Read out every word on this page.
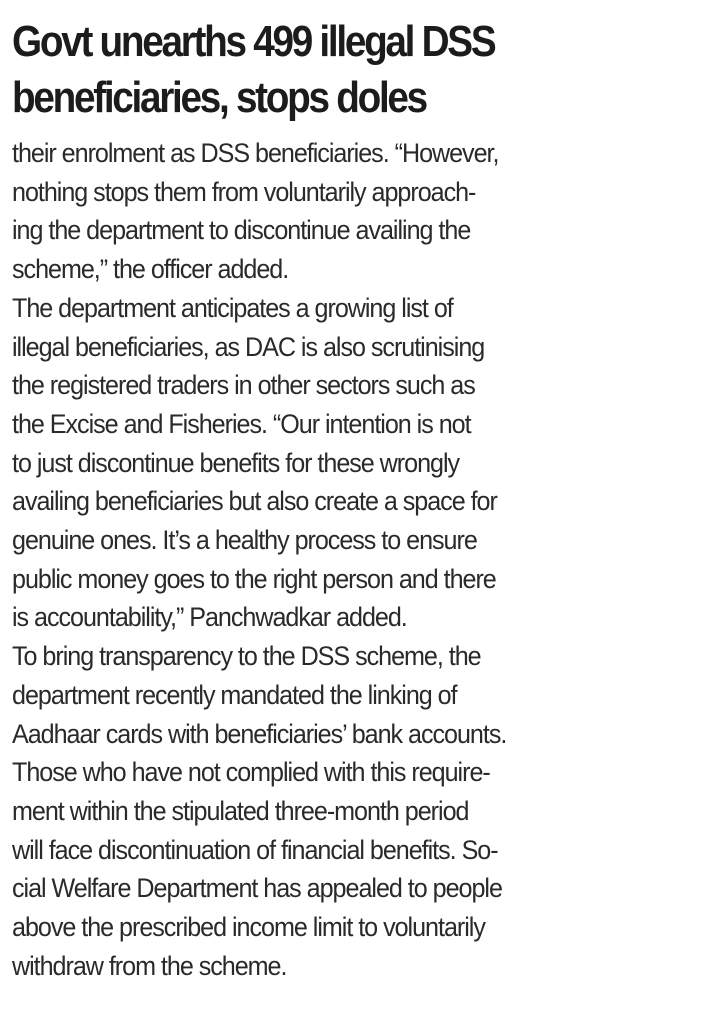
Govt unearths 499 illegal DSS
beneficiaries, stops doles
their enrolment as DSS beneficiaries. “However,
nothing stops them from voluntarily approach-
ing the department to discontinue availing the
scheme,” the officer added.
The department anticipates a growing list of
illegal beneficiaries, as DAC is also scrutinising
the registered traders in other sectors such as
the Excise and Fisheries. “Our intention is not
to just discontinue benefits for these wrongly
availing beneficiaries but also create a space for
genuine ones. It’s a healthy process to ensure
public money goes to the right person and there
is accountability,” Panchwadkar added.
To bring transparency to the DSS scheme, the
department recently mandated the linking of
Aadhaar cards with beneficiaries’ bank accounts.
Those who have not complied with this require-
ment within the stipulated three-month period
will face discontinuation of financial benefits. So-
cial Welfare Department has appealed to people
above the prescribed income limit to voluntarily
withdraw from the scheme.
